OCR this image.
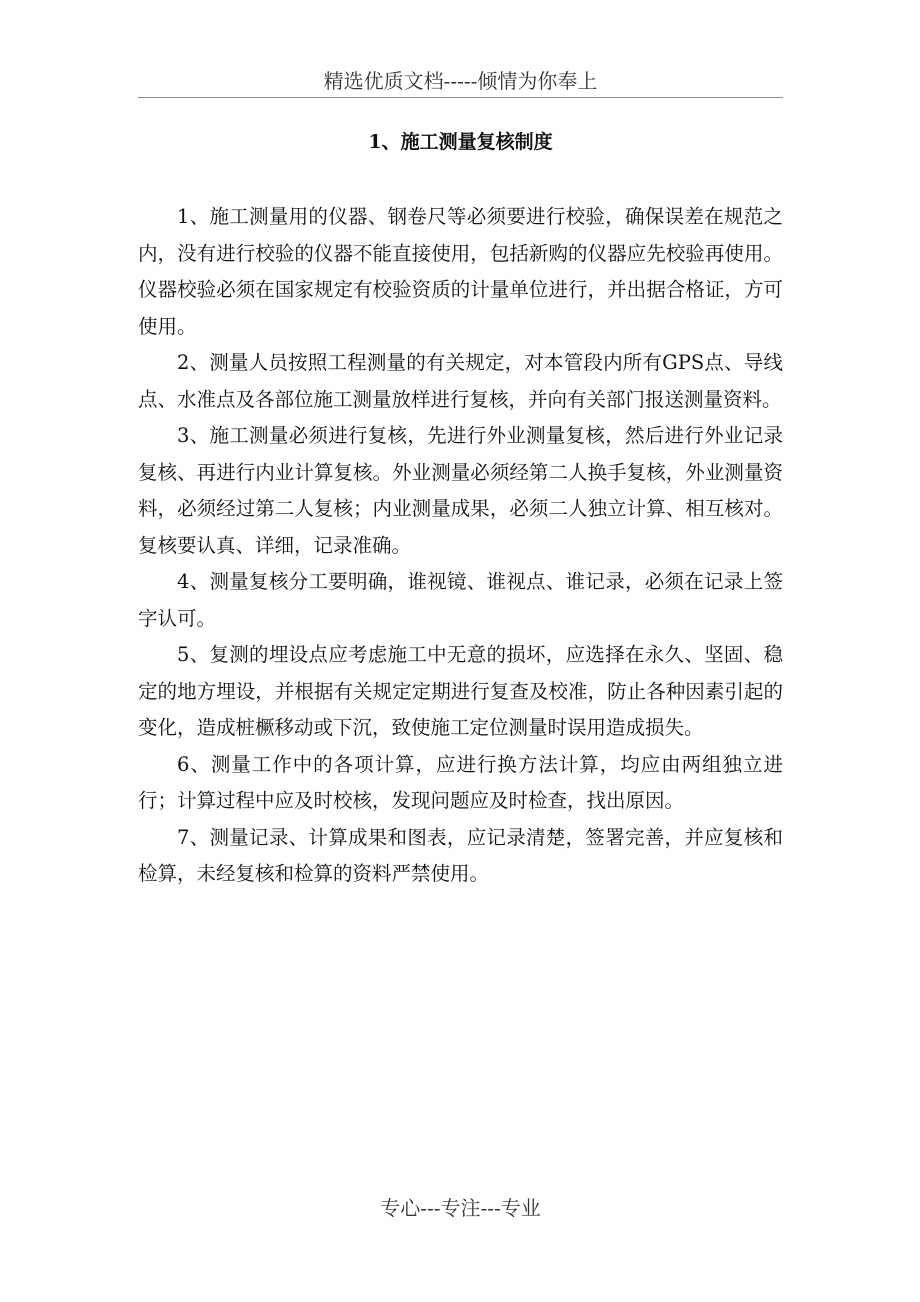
精选优质文档-----倾情为你奉上
1、施工测量复核制度

1、施工测量用的仪器、钢卷尺等必须要进行校验，确保误差在规范之内，没有进行校验的仪器不能直接使用，包括新购的仪器应先校验再使用。仪器校验必须在国家规定有校验资质的计量单位进行，并出据合格证，方可使用。

2、测量人员按照工程测量的有关规定，对本管段内所有GPS点、导线点、水准点及各部位施工测量放样进行复核，并向有关部门报送测量资料。

3、施工测量必须进行复核，先进行外业测量复核，然后进行外业记录复核、再进行内业计算复核。外业测量必须经第二人换手复核，外业测量资料，必须经过第二人复核；内业测量成果，必须二人独立计算、相互核对。复核要认真、详细，记录准确。

4、测量复核分工要明确，谁视镜、谁视点、谁记录，必须在记录上签字认可。

5、复测的埋设点应考虑施工中无意的损坏，应选择在永久、坚固、稳定的地方埋设，并根据有关规定定期进行复查及校准，防止各种因素引起的变化，造成桩橛移动或下沉，致使施工定位测量时误用造成损失。

6、测量工作中的各项计算，应进行换方法计算，均应由两组独立进行；计算过程中应及时校核，发现问题应及时检查，找出原因。

7、测量记录、计算成果和图表，应记录清楚，签署完善，并应复核和检算，未经复核和检算的资料严禁使用。

专心---专注---专业
